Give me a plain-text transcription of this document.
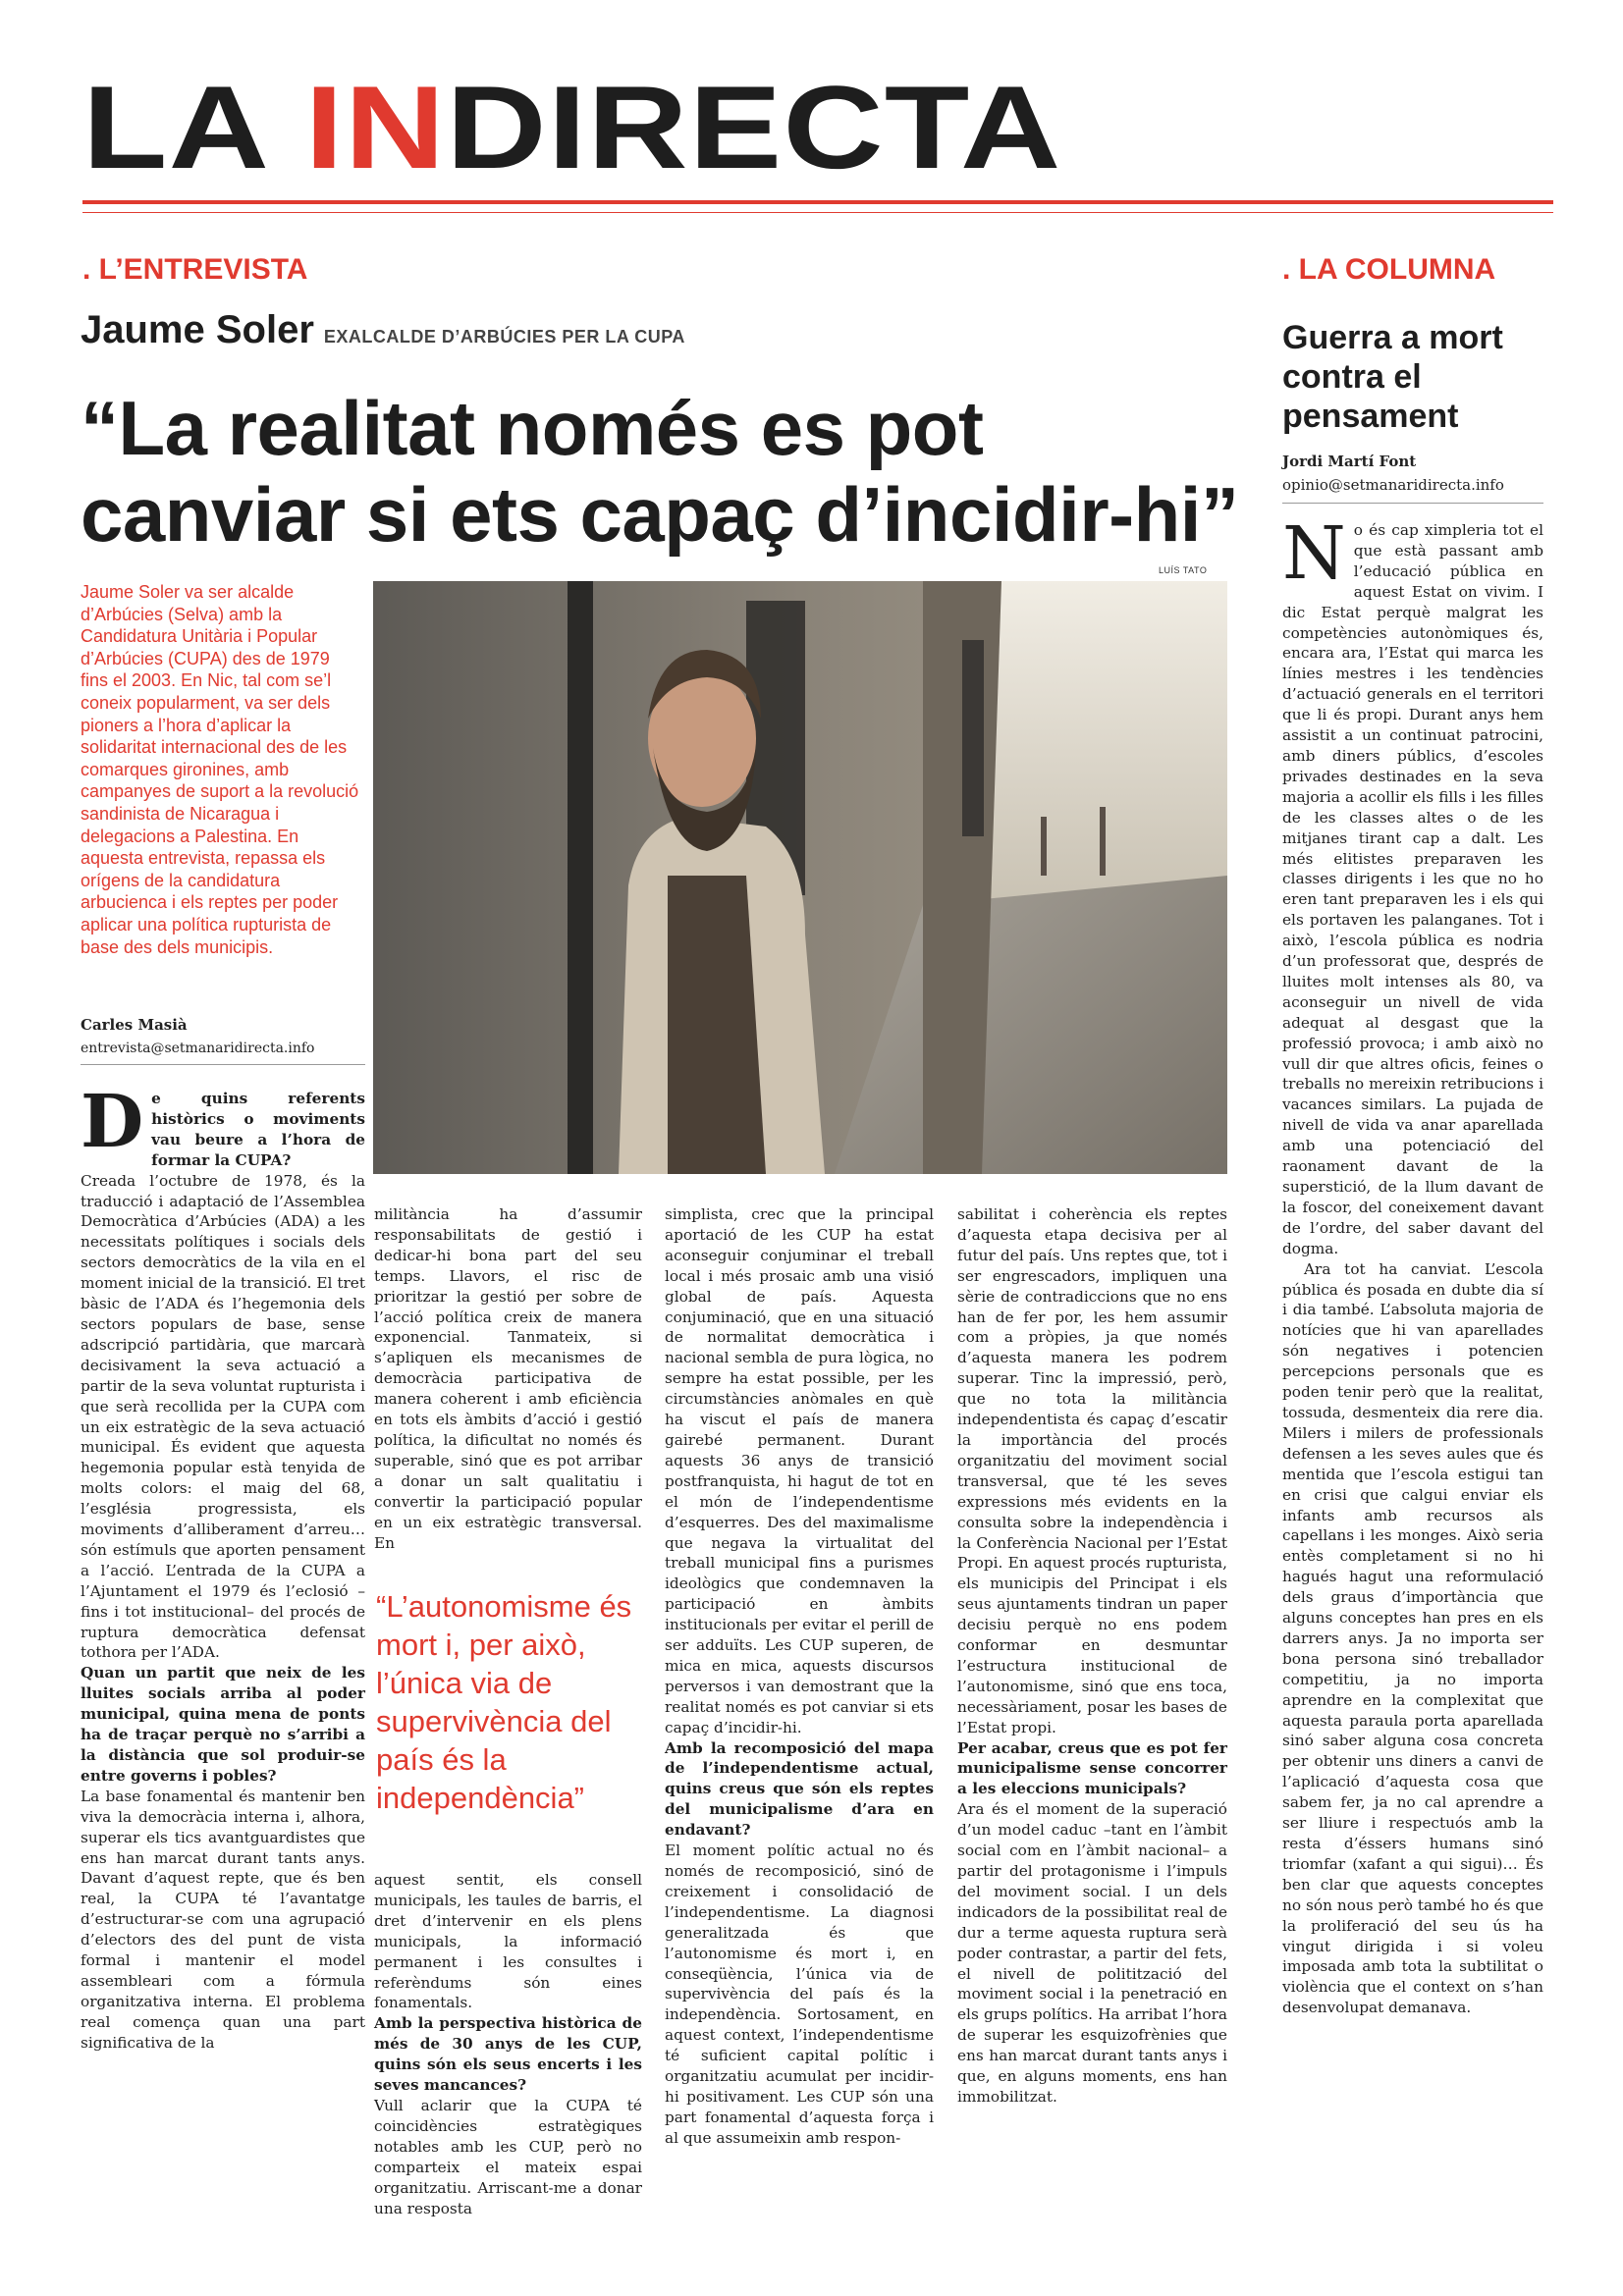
LA INDIRECTA
. L’ENTREVISTA	. LA COLUMNA
Jaume Soler EXALCALDE D’ARBÚCIES PER LA CUPA
“La realitat només es pot
canviar si ets capaç d’incidir-hi”
Jaume Soler va ser alcalde d’Arbúcies (Selva) amb la Candidatura Unitària i Popular d’Arbúcies (CUPA) des de 1979 fins el 2003. En Nic, tal com se’l coneix popularment, va ser dels pioners a l’hora d’aplicar la solidaritat internacional des de les comarques gironines, amb campanyes de suport a la revolució sandinista de Nicaragua i delegacions a Palestina. En aquesta entrevista, repassa els orígens de la candidatura arbucienca i els reptes per poder aplicar una política rupturista de base des dels municipis.
Carles Masià
entrevista@setmanaridirecta.info
LUÍS TATO

De quins referents històrics o moviments vau beure a l’hora de formar la CUPA?

Creada l’octubre de 1978, és la traducció i adaptació de l’Assemblea Democràtica d’Arbúcies (ADA) a les necessitats polítiques i socials dels sectors democràtics de la vila en el moment inicial de la transició. El tret bàsic de l’ADA és l’hegemonia dels sectors populars de base, sense adscripció partidària, que marcarà decisivament la seva actuació a partir de la seva voluntat rupturista i que serà recollida per la CUPA com un eix estratègic de la seva actuació municipal. És evident que aquesta hegemonia popular està tenyida de molts colors: el maig del 68, l’església progressista, els moviments d’alliberament d’arreu… són estímuls que aporten pensament a l’acció. L’entrada de la CUPA a l’Ajuntament el 1979 és l’eclosió –fins i tot institucional– del procés de ruptura democràtica defensat tothora per l’ADA.

Quan un partit que neix de les lluites socials arriba al poder municipal, quina mena de ponts ha de traçar perquè no s’arribi a la distància que sol produir-se entre governs i pobles?

La base fonamental és mantenir ben viva la democràcia interna i, alhora, superar els tics avantguardistes que ens han marcat durant tants anys. Davant d’aquest repte, que és ben real, la CUPA té l’avantatge d’estructurar-se com una agrupació d’electors des del punt de vista formal i mantenir el model assembleari com a fórmula organitzativa interna. El problema real comença quan una part significativa de la

militància ha d’assumir responsabilitats de gestió i dedicar-hi bona part del seu temps. Llavors, el risc de prioritzar la gestió per sobre de l’acció política creix de manera exponencial. Tanmateix, si s’apliquen els mecanismes de democràcia participativa de manera coherent i amb eficiència en tots els àmbits d’acció i gestió política, la dificultat no només és superable, sinó que es pot arribar a donar un salt qualitatiu i convertir la participació popular en un eix estratègic transversal. En

“L’autonomisme és mort i, per això, l’única via de supervivència del país és la independència”

aquest sentit, els consell municipals, les taules de barris, el dret d’intervenir en els plens municipals, la informació permanent i les consultes i referèndums són eines fonamentals.

Amb la perspectiva històrica de més de 30 anys de les CUP, quins són els seus encerts i les seves mancances?

Vull aclarir que la CUPA té coincidències estratègiques notables amb les CUP, però no comparteix el mateix espai organitzatiu. Arriscant-me a donar una resposta

simplista, crec que la principal aportació de les CUP ha estat aconseguir conjuminar el treball local i més prosaic amb una visió global de país. Aquesta conjuminació, que en una situació de normalitat democràtica i nacional sembla de pura lògica, no sempre ha estat possible, per les circumstàncies anòmales en què ha viscut el país de manera gairebé permanent. Durant aquests 36 anys de transició postfranquista, hi hagut de tot en el món de l’independentisme d’esquerres. Des del maximalisme que negava la virtualitat del treball municipal fins a purismes ideològics que condemnaven la participació en àmbits institucionals per evitar el perill de ser adduïts. Les CUP superen, de mica en mica, aquests discursos perversos i van demostrant que la realitat només es pot canviar si ets capaç d’incidir-hi.

Amb la recomposició del mapa de l’independentisme actual, quins creus que són els reptes del municipalisme d’ara en endavant?

El moment polític actual no és només de recomposició, sinó de creixement i consolidació de l’independentisme. La diagnosi generalitzada és que l’autonomisme és mort i, en conseqüència, l’única via de supervivència del país és la independència. Sortosament, en aquest context, l’independentisme té suficient capital polític i organitzatiu acumulat per incidir-hi positivament. Les CUP són una part fonamental d’aquesta força i al que assumeixin amb respon-

sabilitat i coherència els reptes d’aquesta etapa decisiva per al futur del país. Uns reptes que, tot i ser engrescadors, impliquen una sèrie de contradiccions que no ens han de fer por, les hem assumir com a pròpies, ja que només d’aquesta manera les podrem superar. Tinc la impressió, però, que no tota la militància independentista és capaç d’escatir la importància del procés organitzatiu del moviment social transversal, que té les seves expressions més evidents en la consulta sobre la independència i la Conferència Nacional per l’Estat Propi. En aquest procés rupturista, els municipis del Principat i els seus ajuntaments tindran un paper decisiu perquè no ens podem conformar en desmuntar l’estructura institucional de l’autonomisme, sinó que ens toca, necessàriament, posar les bases de l’Estat propi.

Per acabar, creus que es pot fer municipalisme sense concorrer a les eleccions municipals?

Ara és el moment de la superació d’un model caduc –tant en l’àmbit social com en l’àmbit nacional– a partir del protagonisme i l’impuls del moviment social. I un dels indicadors de la possibilitat real de dur a terme aquesta ruptura serà poder contrastar, a partir del fets, el nivell de politització del moviment social i la penetració en els grups polítics. Ha arribat l’hora de superar les esquizofrènies que ens han marcat durant tants anys i que, en alguns moments, ens han immobilitzat.

Guerra a mort contra el pensament
Jordi Martí Font
opinio@setmanaridirecta.info

No és cap ximpleria tot el que està passant amb l’educació pública en aquest Estat on vivim. I dic Estat perquè malgrat les competències autonòmiques és, encara ara, l’Estat qui marca les línies mestres i les tendències d’actuació generals en el territori que li és propi. Durant anys hem assistit a un continuat patrocini, amb diners públics, d’escoles privades destinades en la seva majoria a acollir els fills i les filles de les classes altes o de les mitjanes tirant cap a dalt. Les més elitistes preparaven les classes dirigents i les que no ho eren tant preparaven les i els qui els portaven les palanganes. Tot i això, l’escola pública es nodria d’un professorat que, després de lluites molt intenses als 80, va aconseguir un nivell de vida adequat al desgast que la professió provoca; i amb això no vull dir que altres oficis, feines o treballs no mereixin retribucions i vacances similars. La pujada de nivell de vida va anar aparellada amb una potenciació del raonament davant de la superstició, de la llum davant de la foscor, del coneixement davant de l’ordre, del saber davant del dogma.

Ara tot ha canviat. L’escola pública és posada en dubte dia sí i dia també. L’absoluta majoria de notícies que hi van aparellades són negatives i potencien percepcions personals que es poden tenir però que la realitat, tossuda, desmenteix dia rere dia. Milers i milers de professionals defensen a les seves aules que és mentida que l’escola estigui tan en crisi que calgui enviar els infants amb recursos als capellans i les monges. Això seria entès completament si no hi hagués hagut una reformulació dels graus d’importància que alguns conceptes han pres en els darrers anys. Ja no importa ser bona persona sinó treballador competitiu, ja no importa aprendre en la complexitat que aquesta paraula porta aparellada sinó saber alguna cosa concreta per obtenir uns diners a canvi de l’aplicació d’aquesta cosa que sabem fer, ja no cal aprendre a ser lliure i respectuós amb la resta d’éssers humans sinó triomfar (xafant a qui sigui)… És ben clar que aquests conceptes no són nous però també ho és que la proliferació del seu ús ha vingut dirigida i si voleu imposada amb tota la subtilitat o violència que el context on s’han desenvolupat demanava.
